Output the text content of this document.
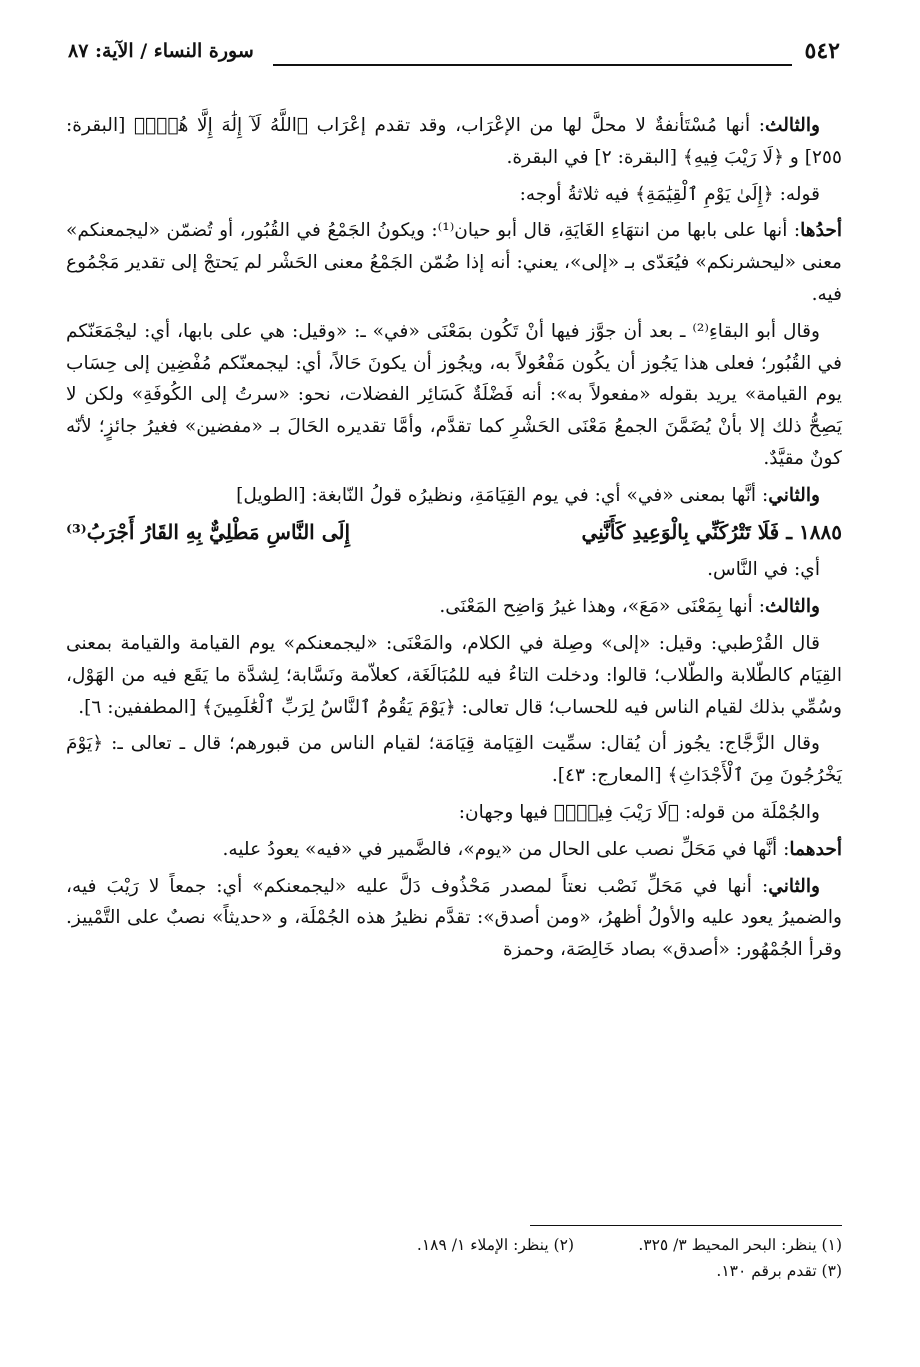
٥٤٢
سورة النساء / الآية: ٨٧

والثالث: أنها مُسْتَأنفةٌ لا محلَّ لها من الإعْرَاب، وقد تقدم إعْرَاب ﴿اللَّهُ لَآ إِلَٰهَ إِلَّا هُوَۚ﴾ [البقرة: ٢٥٥] و ﴿لَا رَيْبَ فِيهِ﴾ [البقرة: ٢] في البقرة.

قوله: ﴿إِلَىٰ يَوْمِ ٱلْقِيَٰمَةِ﴾ فيه ثلاثةُ أوجه:

أحدُها: أنها على بابها من انتهَاءِ الغَايَةِ، قال أبو حيان⁽¹⁾: ويكونُ الجَمْعُ في القُبُور، أو تُضمّن «ليجمعنكم» معنى «ليحشرنكم» فيُعَدّى بـ «إلى»، يعني: أنه إذا ضُمّن الجَمْعُ معنى الحَشْر لم يَحتجْ إلى تقدير مَجْمُوع فيه.

وقال أبو البقاءِ⁽²⁾ ـ بعد أن جوَّز فيها أنْ تَكُون بمَعْنَى «في» ـ: «وقيل: هي على بابها، أي: ليجْمَعَنّكم في القُبُور؛ فعلى هذا يَجُوز أن يكُون مَفْعُولاً به، ويجُوز أن يكونَ حَالاً، أي: ليجمعنّكم مُفْضِين إلى حِسَاب يوم القيامة» يريد بقوله «مفعولاً به»: أنه فَضْلَةٌ كَسَائِر الفضلات، نحو: «سرتُ إلى الكُوفَةِ» ولكن لا يَصِحُّ ذلك إلا بأنْ يُضَمَّنَ الجمعُ مَعْنَى الحَشْرِ كما تقدَّم، وأمَّا تقديره الحَالَ بـ «مفضين» فغيرُ جائزٍ؛ لأنّه كونٌ مقيَّدٌ.

والثاني: أنَّها بمعنى «في» أي: في يوم القِيَامَةِ، ونظيرُه قولُ النّابغة: [الطويل]

١٨٨٥ ـ فَلَا تَتْرُكَنِّي بِالْوَعِيدِ كَأَنَّنِي
إِلَى النَّاسِ مَطْلِيٌّ بِهِ القَارُ أَجْرَبُ⁽³⁾

أي: في النَّاس.

والثالث: أنها بِمَعْنَى «مَعَ»، وهذا غيرُ وَاضِح المَعْنَى.

قال القُرْطبي: وقيل: «إلى» وصِلة في الكلام، والمَعْنَى: «ليجمعنكم» يوم القيامة والقيامة بمعنى القِيَام كالطّلابة والطّلاب؛ قالوا: ودخلت التاءُ فيه للمُبَالَغَة، كعلاّمة ونَسَّابة؛ لِشدَّة ما يَقَع فيه من الهَوْل، وسُمِّي بذلك لقيام الناس فيه للحساب؛ قال تعالى: ﴿يَوْمَ يَقُومُ ٱلنَّاسُ لِرَبِّ ٱلْعَٰلَمِينَ﴾ [المطففين: ٦].

وقال الزَّجَّاج: يجُوز أن يُقال: سمِّيت القِيَامة قِيَامَة؛ لقيام الناس من قبورهم؛ قال ـ تعالى ـ: ﴿يَوْمَ يَخْرُجُونَ مِنَ ٱلْأَجْدَاثِ﴾ [المعارج: ٤٣].

والجُمْلَة من قوله: ﴿لَا رَيْبَ فِيهِۚ﴾ فيها وجهان:

أحدهما: أنَّها في مَحَلِّ نصب على الحال من «يوم»، فالضَّمير في «فيه» يعودُ عليه.

والثاني: أنها في مَحَلِّ نَصْب نعتاً لمصدر مَحْذُوف دَلَّ عليه «ليجمعنكم» أي: جمعاً لا رَيْبَ فيه، والضميرُ يعود عليه والأولُ أظهرُ، «ومن أصدق»: تقدَّم نظيرُ هذه الجُمْلَة، و «حديثاً» نصبٌ على التَّمْييز. وقرأ الجُمْهُور: «أصدق» بصاد خَالِصَة، وحمزة

(١) ينظر: البحر المحيط ٣/ ٣٢٥.
(٢) ينظر: الإملاء ١/ ١٨٩.
(٣) تقدم برقم ١٣٠.
